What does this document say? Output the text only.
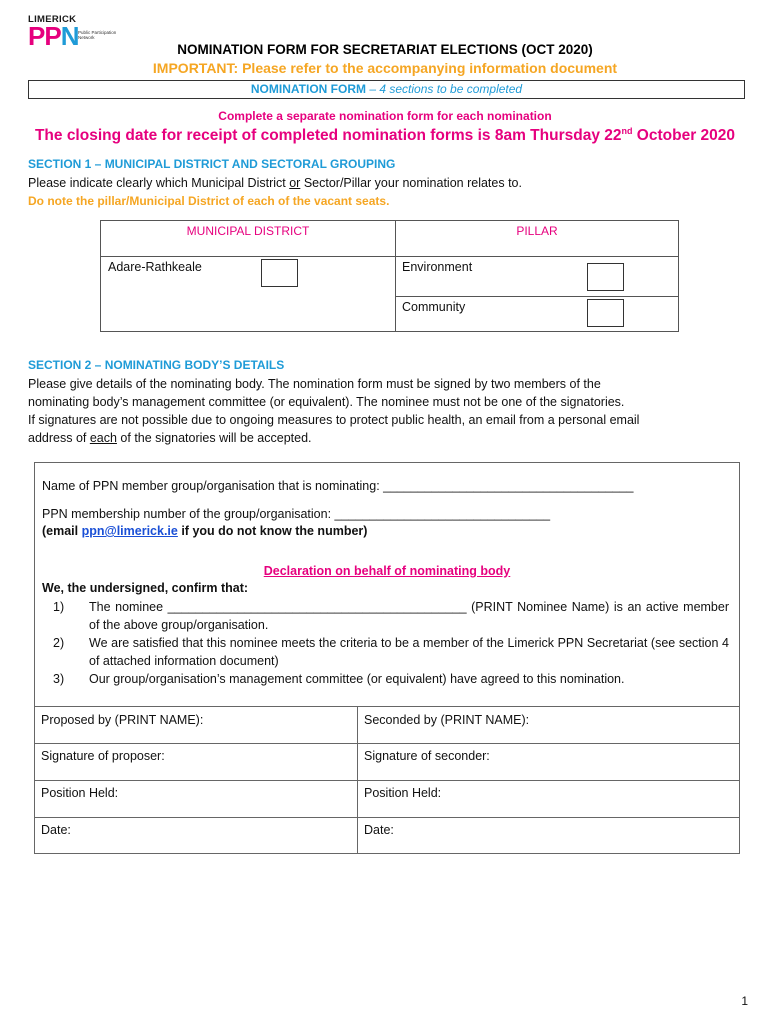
LIMERICK
PPN Public Participation Network
NOMINATION FORM FOR SECRETARIAT ELECTIONS (OCT 2020)
IMPORTANT: Please refer to the accompanying information document
NOMINATION FORM – 4 sections to be completed
Complete a separate nomination form for each nomination
The closing date for receipt of completed nomination forms is 8am Thursday 22nd October 2020
SECTION 1 – MUNICIPAL DISTRICT AND SECTORAL GROUPING
Please indicate clearly which Municipal District or Sector/Pillar your nomination relates to.
Do note the pillar/Municipal District of each of the vacant seats.
MUNICIPAL DISTRICT	PILLAR
Adare-Rathkeale	Environment
Community
SECTION 2 – NOMINATING BODY’S DETAILS
Please give details of the nominating body. The nomination form must be signed by two members of the
nominating body’s management committee (or equivalent). The nominee must not be one of the signatories.
If signatures are not possible due to ongoing measures to protect public health, an email from a personal email
address of each of the signatories will be accepted.
Name of PPN member group/organisation that is nominating: ____________________________________
PPN membership number of the group/organisation: _______________________________
(email ppn@limerick.ie if you do not know the number)
Declaration on behalf of nominating body
We, the undersigned, confirm that:
1) The nominee ___________________________________________ (PRINT Nominee Name) is an active member of the above group/organisation.
2) We are satisfied that this nominee meets the criteria to be a member of the Limerick PPN Secretariat (see section 4 of attached information document)
3) Our group/organisation’s management committee (or equivalent) have agreed to this nomination.
Proposed by (PRINT NAME):	Seconded by (PRINT NAME):
Signature of proposer:	Signature of seconder:
Position Held:	Position Held:
Date:	Date:
1
